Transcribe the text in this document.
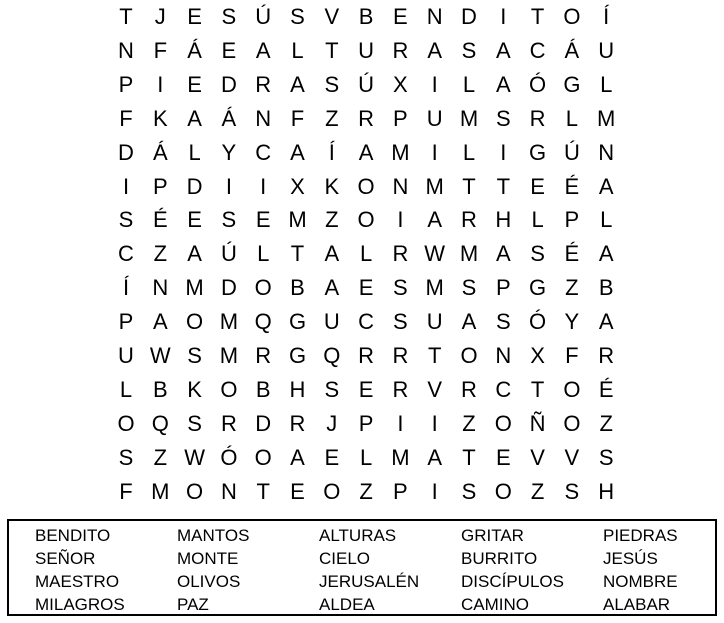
T	J E S Ú S V B E N D	I	T O	Í
N F Á E A L T U R A S A C Á U
P	I	E D R A S Ú X	I	L A Ó G L
F K A Á N F Z R P U M S R L M
D Á L Y C A	Í	A M	I	L	I	G Ú N
I	P D	I	I	X K O N M T T E É A
S É E S E M Z O	I	A R H L P L
C Z A Ú L T A L R W M A S É A
Í	N M D O B A E S M S P G Z B
P A O M Q G U C S U A S Ó Y A
U W S M R G Q R R T O N X F R
L B K O B H S E R V R C T O É
O Q S R D R J P	I	I	Z O Ñ O Z
S Z W Ó O A E L M A T E V V S
F M O N T E O Z P	I	S O Z S H
BENDITO	MANTOS	ALTURAS	GRITAR	PIEDRAS
SEÑOR	MONTE	CIELO	BURRITO	JESÚS
MAESTRO	OLIVOS	JERUSALÉN DISCÍPULOS NOMBRE
MILAGROS	PAZ	ALDEA	CAMINO	ALABAR
